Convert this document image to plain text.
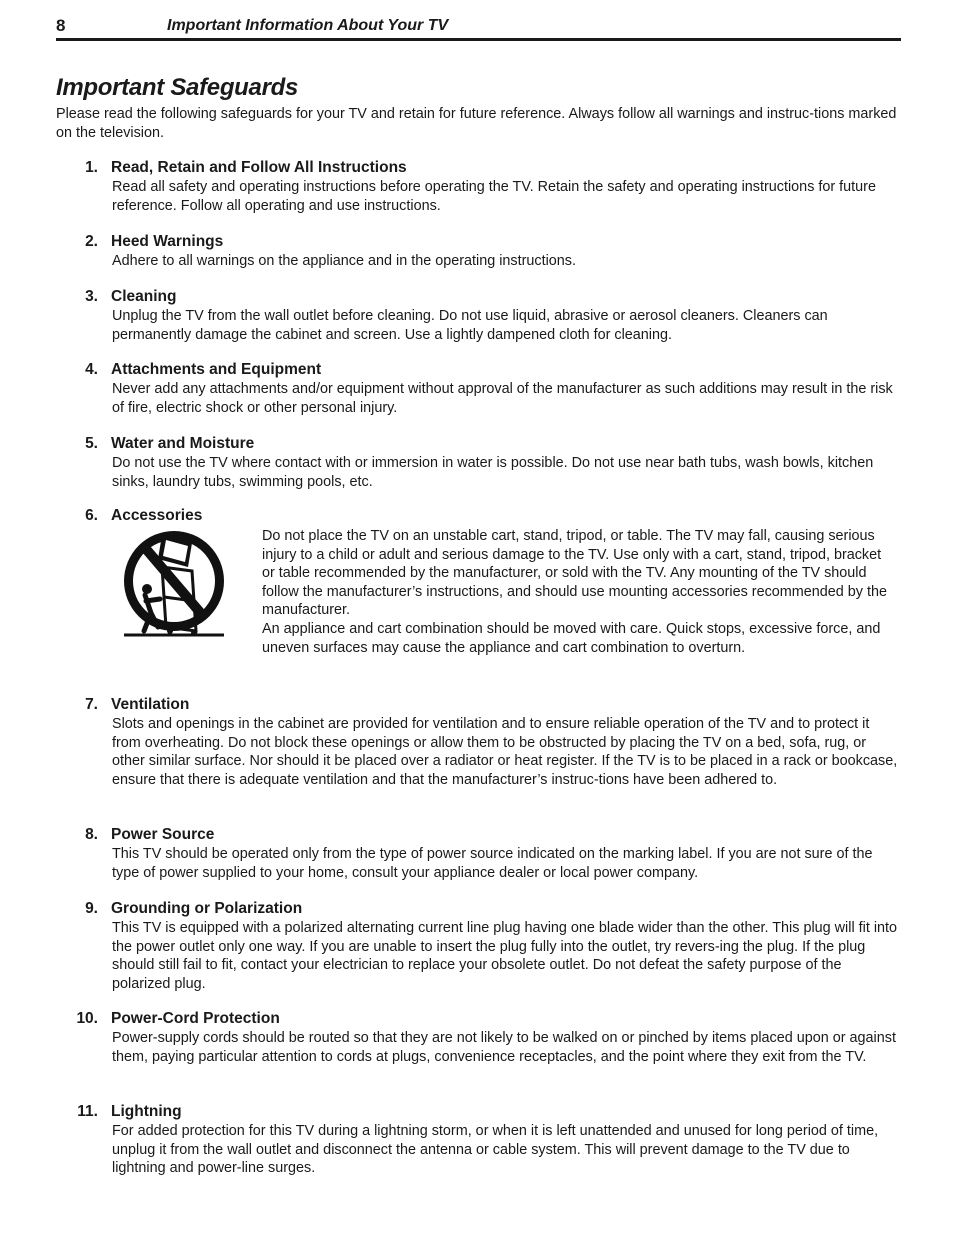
8	Important Information About Your TV
Important Safeguards

Please read the following safeguards for your TV and retain for future reference. Always follow all warnings and instruc-tions marked on the television.

1. Read, Retain and Follow All Instructions
Read all safety and operating instructions before operating the TV. Retain the safety and operating instructions for future reference. Follow all operating and use instructions.
2. Heed Warnings
Adhere to all warnings on the appliance and in the operating instructions.
3. Cleaning
Unplug the TV from the wall outlet before cleaning. Do not use liquid, abrasive or aerosol cleaners. Cleaners can permanently damage the cabinet and screen. Use a lightly dampened cloth for cleaning.
4. Attachments and Equipment
Never add any attachments and/or equipment without approval of the manufacturer as such additions may result in the risk of fire, electric shock or other personal injury.
5. Water and Moisture
Do not use the TV where contact with or immersion in water is possible. Do not use near bath tubs, wash bowls, kitchen sinks, laundry tubs, swimming pools, etc.
6. Accessories

Do not place the TV on an unstable cart, stand, tripod, or table. The TV may fall, causing serious injury to a child or adult and serious damage to the TV. Use only with a cart, stand, tripod, bracket or table recommended by the manufacturer, or sold with the TV. Any mounting of the TV should follow the manufacturer’s instructions, and should use mounting accessories recommended by the manufacturer.

An appliance and cart combination should be moved with care. Quick stops, excessive force, and uneven surfaces may cause the appliance and cart combination to overturn.

7. Ventilation
Slots and openings in the cabinet are provided for ventilation and to ensure reliable operation of the TV and to protect it from overheating. Do not block these openings or allow them to be obstructed by placing the TV on a bed, sofa, rug, or other similar surface. Nor should it be placed over a radiator or heat register. If the TV is to be placed in a rack or bookcase, ensure that there is adequate ventilation and that the manufacturer’s instruc-tions have been adhered to.
8. Power Source
This TV should be operated only from the type of power source indicated on the marking label. If you are not sure of the type of power supplied to your home, consult your appliance dealer or local power company.
9. Grounding or Polarization
This TV is equipped with a polarized alternating current line plug having one blade wider than the other. This plug will fit into the power outlet only one way. If you are unable to insert the plug fully into the outlet, try revers-ing the plug. If the plug should still fail to fit, contact your electrician to replace your obsolete outlet. Do not defeat the safety purpose of the polarized plug.
10. Power-Cord Protection
Power-supply cords should be routed so that they are not likely to be walked on or pinched by items placed upon or against them, paying particular attention to cords at plugs, convenience receptacles, and the point where they exit from the TV.
11. Lightning
For added protection for this TV during a lightning storm, or when it is left unattended and unused for long period of time, unplug it from the wall outlet and disconnect the antenna or cable system. This will prevent damage to the TV due to lightning and power-line surges.
